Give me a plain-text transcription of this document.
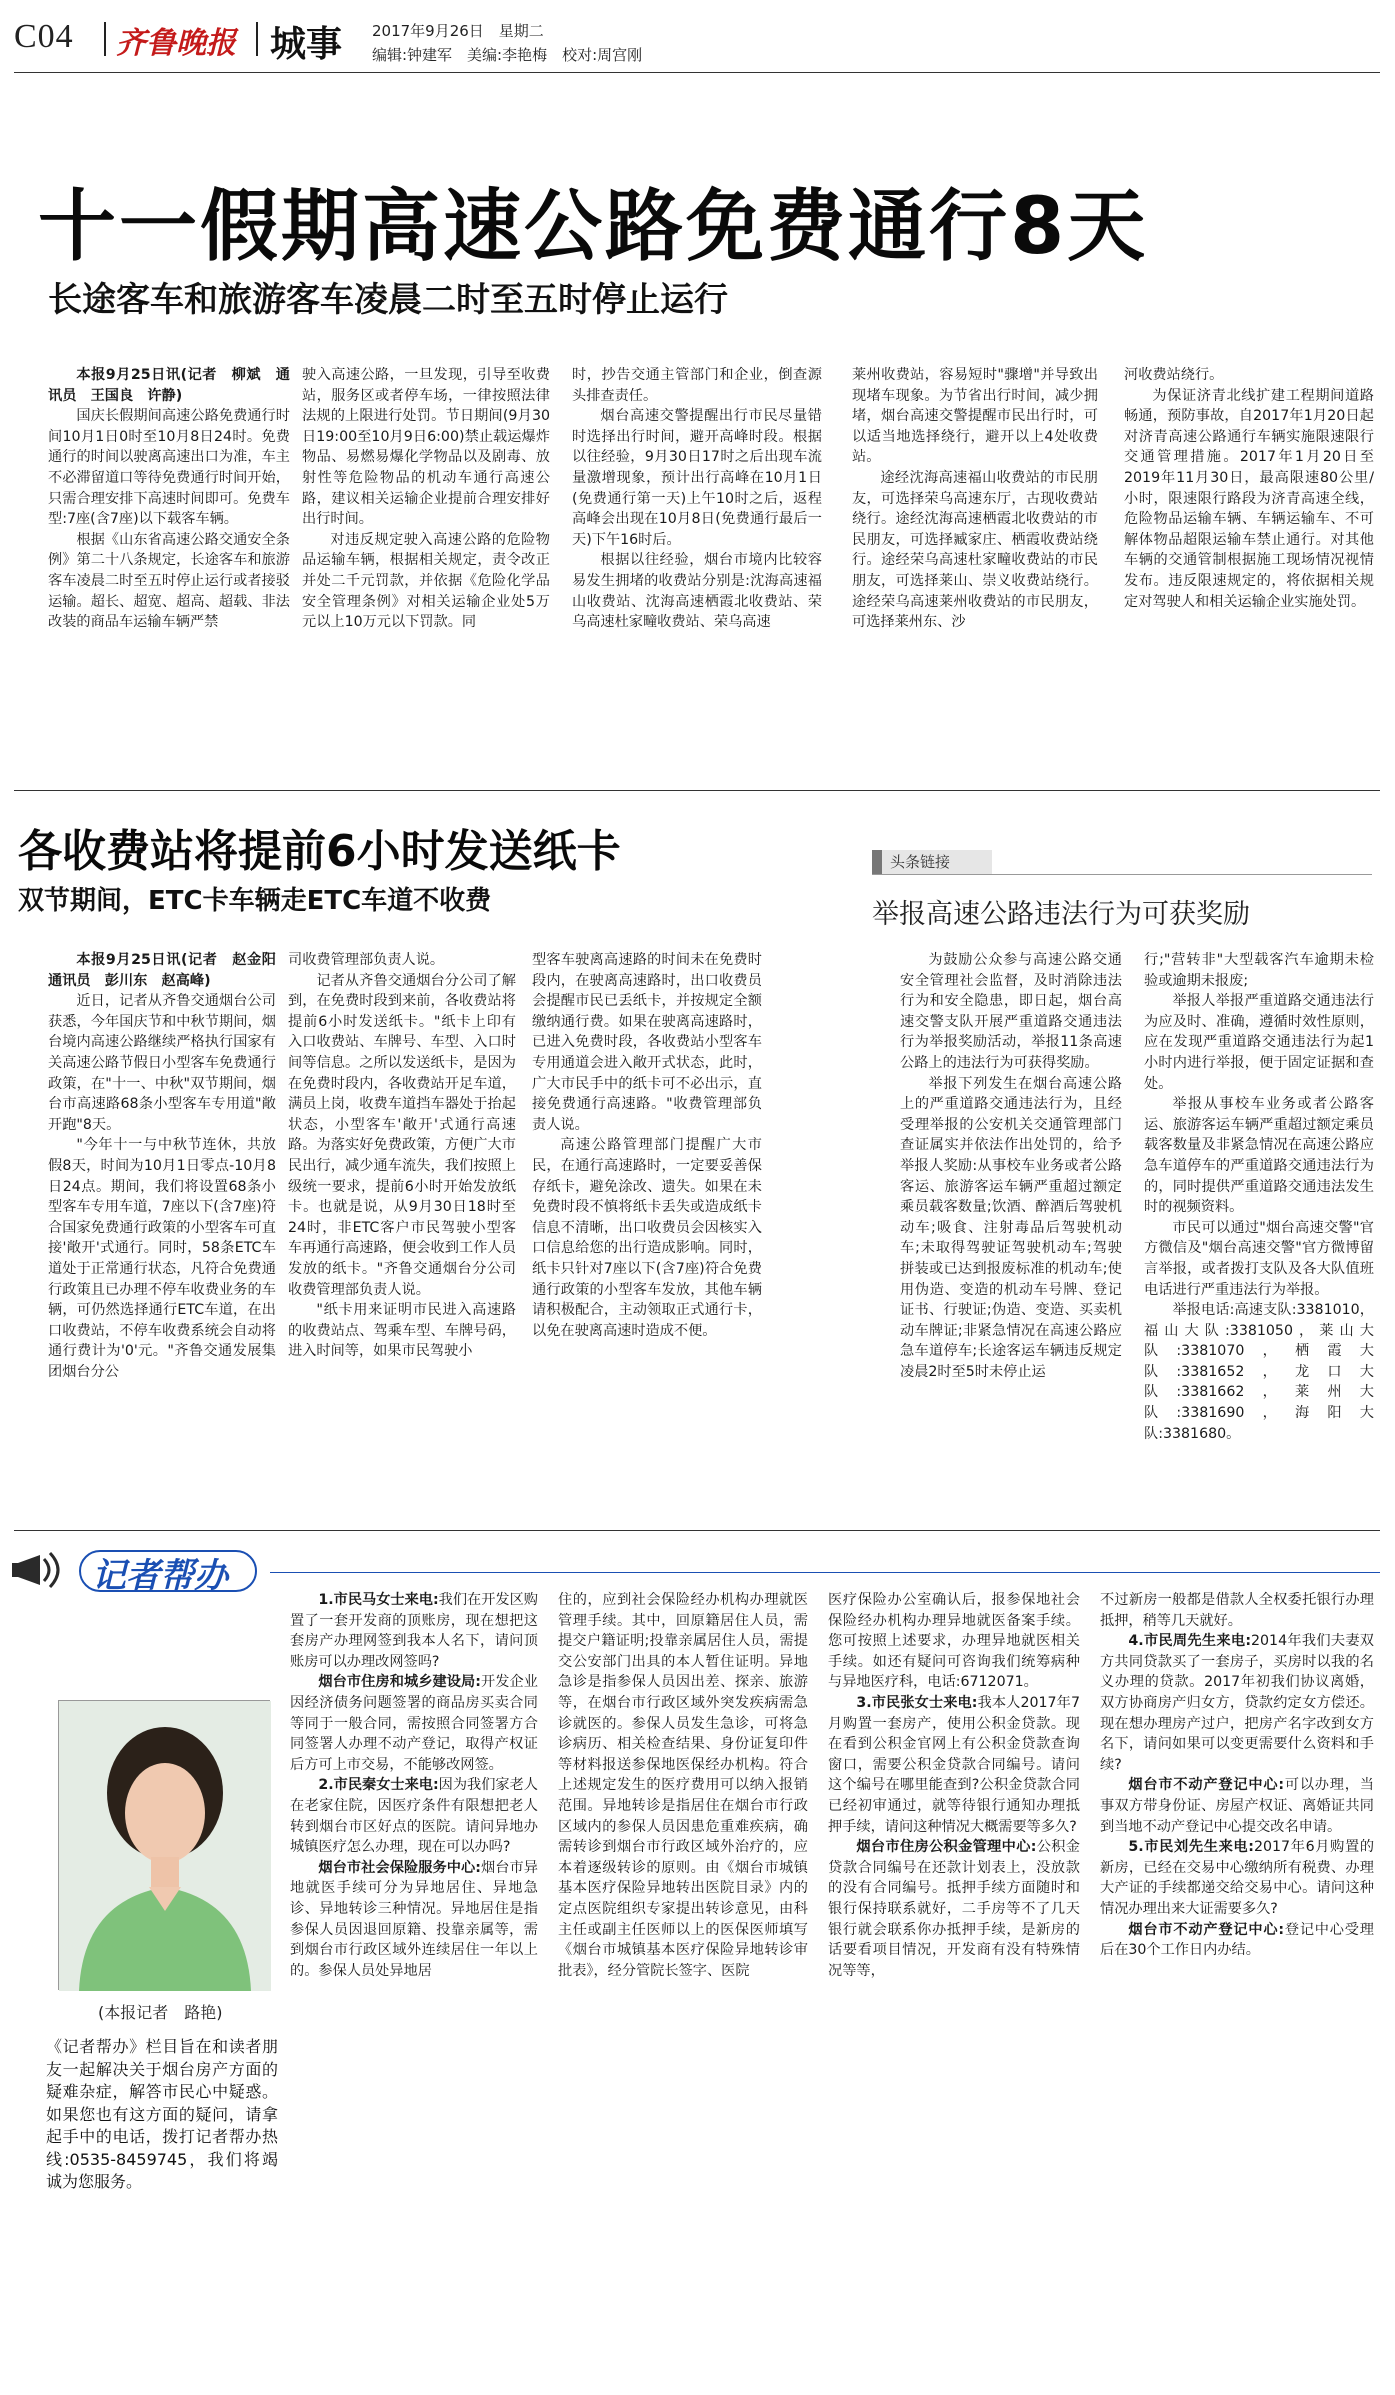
C04 齐鲁晚报 城事 2017年9月26日　星期二
编辑:钟建军　美编:李艳梅　校对:周宫刚
十一假期高速公路免费通行8天
长途客车和旅游客车凌晨二时至五时停止运行

本报9月25日讯(记者　柳斌　通讯员　王国良　许静)

国庆长假期间高速公路免费通行时间10月1日0时至10月8日24时。免费通行的时间以驶离高速出口为准，车主不必滞留道口等待免费通行时间开始，只需合理安排下高速时间即可。免费车型:7座(含7座)以下载客车辆。

根据《山东省高速公路交通安全条例》第二十八条规定，长途客车和旅游客车凌晨二时至五时停止运行或者接驳运输。超长、超宽、超高、超载、非法改装的商品车运输车辆严禁

驶入高速公路，一旦发现，引导至收费站，服务区或者停车场，一律按照法律法规的上限进行处罚。节日期间(9月30日19:00至10月9日6:00)禁止载运爆炸物品、易燃易爆化学物品以及剧毒、放射性等危险物品的机动车通行高速公路，建议相关运输企业提前合理安排好出行时间。

对违反规定驶入高速公路的危险物品运输车辆，根据相关规定，责令改正并处二千元罚款，并依据《危险化学品安全管理条例》对相关运输企业处5万元以上10万元以下罚款。同

时，抄告交通主管部门和企业，倒查源头排查责任。

烟台高速交警提醒出行市民尽量错时选择出行时间，避开高峰时段。根据以往经验，9月30日17时之后出现车流量激增现象，预计出行高峰在10月1日(免费通行第一天)上午10时之后，返程高峰会出现在10月8日(免费通行最后一天)下午16时后。

根据以往经验，烟台市境内比较容易发生拥堵的收费站分别是:沈海高速福山收费站、沈海高速栖霞北收费站、荣乌高速杜家疃收费站、荣乌高速

莱州收费站，容易短时"骤增"并导致出现堵车现象。为节省出行时间，减少拥堵，烟台高速交警提醒市民出行时，可以适当地选择绕行，避开以上4处收费站。

途经沈海高速福山收费站的市民朋友，可选择荣乌高速东厅，古现收费站绕行。途经沈海高速栖霞北收费站的市民朋友，可选择臧家庄、栖霞收费站绕行。途经荣乌高速杜家疃收费站的市民朋友，可选择莱山、崇义收费站绕行。途经荣乌高速莱州收费站的市民朋友，可选择莱州东、沙

河收费站绕行。

为保证济青北线扩建工程期间道路畅通，预防事故，自2017年1月20日起对济青高速公路通行车辆实施限速限行交通管理措施。2017年1月20日至2019年11月30日，最高限速80公里/小时，限速限行路段为济青高速全线，危险物品运输车辆、车辆运输车、不可解体物品超限运输车禁止通行。对其他车辆的交通管制根据施工现场情况视情发布。违反限速规定的，将依据相关规定对驾驶人和相关运输企业实施处罚。

各收费站将提前6小时发送纸卡
双节期间，ETC卡车辆走ETC车道不收费

本报9月25日讯(记者　赵金阳　通讯员　彭川东　赵高峰)

近日，记者从齐鲁交通烟台公司获悉，今年国庆节和中秋节期间，烟台境内高速公路继续严格执行国家有关高速公路节假日小型客车免费通行政策，在"十一、中秋"双节期间，烟台市高速路68条小型客车专用道"敞开跑"8天。

"今年十一与中秋节连休，共放假8天，时间为10月1日零点-10月8日24点。期间，我们将设置68条小型客车专用车道，7座以下(含7座)符合国家免费通行政策的小型客车可直接'敞开'式通行。同时，58条ETC车道处于正常通行状态，凡符合免费通行政策且已办理不停车收费业务的车辆，可仍然选择通行ETC车道，在出口收费站，不停车收费系统会自动将通行费计为'0'元。"齐鲁交通发展集团烟台分公

司收费管理部负责人说。

记者从齐鲁交通烟台分公司了解到，在免费时段到来前，各收费站将提前6小时发送纸卡。"纸卡上印有入口收费站、车牌号、车型、入口时间等信息。之所以发送纸卡，是因为在免费时段内，各收费站开足车道，满员上岗，收费车道挡车器处于抬起状态，小型客车'敞开'式通行高速路。为落实好免费政策，方便广大市民出行，减少通车流失，我们按照上级统一要求，提前6小时开始发放纸卡。也就是说，从9月30日18时至24时，非ETC客户市民驾驶小型客车再通行高速路，便会收到工作人员发放的纸卡。"齐鲁交通烟台分公司收费管理部负责人说。

"纸卡用来证明市民进入高速路的收费站点、驾乘车型、车牌号码，进入时间等，如果市民驾驶小

型客车驶离高速路的时间未在免费时段内，在驶离高速路时，出口收费员会提醒市民已丢纸卡，并按规定全额缴纳通行费。如果在驶离高速路时，已进入免费时段，各收费站小型客车专用通道会进入敞开式状态，此时，广大市民手中的纸卡可不必出示，直接免费通行高速路。"收费管理部负责人说。

高速公路管理部门提醒广大市民，在通行高速路时，一定要妥善保存纸卡，避免涂改、遗失。如果在未免费时段不慎将纸卡丢失或造成纸卡信息不清晰，出口收费员会因核实入口信息给您的出行造成影响。同时，纸卡只针对7座以下(含7座)符合免费通行政策的小型客车发放，其他车辆请积极配合，主动领取正式通行卡，以免在驶离高速时造成不便。

头条链接
举报高速公路违法行为可获奖励

为鼓励公众参与高速公路交通安全管理社会监督，及时消除违法行为和安全隐患，即日起，烟台高速交警支队开展严重道路交通违法行为举报奖励活动，举报11条高速公路上的违法行为可获得奖励。

举报下列发生在烟台高速公路上的严重道路交通违法行为，且经受理举报的公安机关交通管理部门查证属实并依法作出处罚的，给予举报人奖励:从事校车业务或者公路客运、旅游客运车辆严重超过额定乘员载客数量;饮酒、醉酒后驾驶机动车;吸食、注射毒品后驾驶机动车;未取得驾驶证驾驶机动车;驾驶拼装或已达到报废标准的机动车;使用伪造、变造的机动车号牌、登记证书、行驶证;伪造、变造、买卖机动车牌证;非紧急情况在高速公路应急车道停车;长途客运车辆违反规定凌晨2时至5时未停止运

行;"营转非"大型载客汽车逾期未检验或逾期未报废;

举报人举报严重道路交通违法行为应及时、准确，遵循时效性原则，应在发现严重道路交通违法行为起1小时内进行举报，便于固定证据和查处。

举报从事校车业务或者公路客运、旅游客运车辆严重超过额定乘员载客数量及非紧急情况在高速公路应急车道停车的严重道路交通违法行为的，同时提供严重道路交通违法发生时的视频资料。

市民可以通过"烟台高速交警"官方微信及"烟台高速交警"官方微博留言举报，或者拨打支队及各大队值班电话进行严重违法行为举报。

举报电话:高速支队:3381010，福山大队:3381050，莱山大队:3381070，栖霞大队:3381652，龙口大队:3381662，莱州大队:3381690，海阳大队:3381680。

记者帮办
(本报记者　路艳)
《记者帮办》栏目旨在和读者朋友一起解决关于烟台房产方面的疑难杂症，解答市民心中疑惑。如果您也有这方面的疑问，请拿起手中的电话，拨打记者帮办热线:0535-8459745，我们将竭诚为您服务。

1.市民马女士来电:我们在开发区购置了一套开发商的顶账房，现在想把这套房产办理网签到我本人名下，请问顶账房可以办理改网签吗?

烟台市住房和城乡建设局:开发企业因经济债务问题签署的商品房买卖合同等同于一般合同，需按照合同签署方合同签署人办理不动产登记，取得产权证后方可上市交易，不能够改网签。

2.市民秦女士来电:因为我们家老人在老家住院，因医疗条件有限想把老人转到烟台市区好点的医院。请问异地办城镇医疗怎么办理，现在可以办吗?

烟台市社会保险服务中心:烟台市异地就医手续可分为异地居住、异地急诊、异地转诊三种情况。异地居住是指参保人员因退回原籍、投靠亲属等，需到烟台市行政区域外连续居住一年以上的。参保人员处异地居

住的，应到社会保险经办机构办理就医管理手续。其中，回原籍居住人员，需提交户籍证明;投靠亲属居住人员，需提交公安部门出具的本人暂住证明。异地急诊是指参保人员因出差、探亲、旅游等，在烟台市行政区域外突发疾病需急诊就医的。参保人员发生急诊，可将急诊病历、相关检查结果、身份证复印件等材料报送参保地医保经办机构。符合上述规定发生的医疗费用可以纳入报销范围。异地转诊是指居住在烟台市行政区域内的参保人员因患危重难疾病，确需转诊到烟台市行政区域外治疗的，应本着逐级转诊的原则。由《烟台市城镇基本医疗保险异地转出医院目录》内的定点医院组织专家提出转诊意见，由科主任或副主任医师以上的医保医师填写《烟台市城镇基本医疗保险异地转诊审批表》，经分管院长签字、医院

医疗保险办公室确认后，报参保地社会保险经办机构办理异地就医备案手续。您可按照上述要求，办理异地就医相关手续。如还有疑问可咨询我们统筹病种与异地医疗科，电话:6712071。

3.市民张女士来电:我本人2017年7月购置一套房产，使用公积金贷款。现在看到公积金官网上有公积金贷款查询窗口，需要公积金贷款合同编号。请问这个编号在哪里能查到?公积金贷款合同已经初审通过，就等待银行通知办理抵押手续，请问这种情况大概需要等多久?

烟台市住房公积金管理中心:公积金贷款合同编号在还款计划表上，没放款的没有合同编号。抵押手续方面随时和银行保持联系就好，二手房等不了几天银行就会联系你办抵押手续，是新房的话要看项目情况，开发商有没有特殊情况等等，

不过新房一般都是借款人全权委托银行办理抵押，稍等几天就好。

4.市民周先生来电:2014年我们夫妻双方共同贷款买了一套房子，买房时以我的名义办理的贷款。2017年初我们协议离婚，双方协商房产归女方，贷款约定女方偿还。现在想办理房产过户，把房产名字改到女方名下，请问如果可以变更需要什么资料和手续?

烟台市不动产登记中心:可以办理，当事双方带身份证、房屋产权证、离婚证共同到当地不动产登记中心提交改名申请。

5.市民刘先生来电:2017年6月购置的新房，已经在交易中心缴纳所有税费、办理大产证的手续都递交给交易中心。请问这种情况办理出来大证需要多久?

烟台市不动产登记中心:登记中心受理后在30个工作日内办结。
